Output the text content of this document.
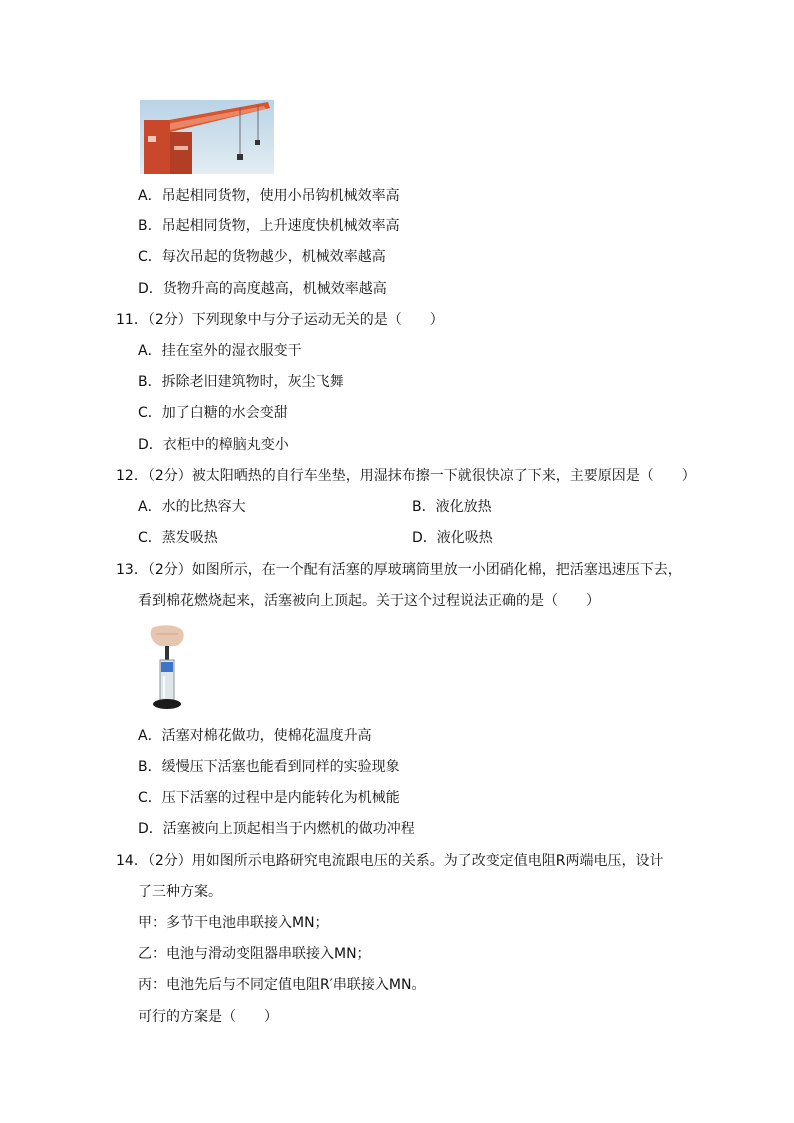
A．吊起相同货物，使用小吊钩机械效率高
B．吊起相同货物，上升速度快机械效率高
C．每次吊起的货物越少，机械效率越高
D．货物升高的高度越高，机械效率越高
11．（2分）下列现象中与分子运动无关的是（　　）
A．挂在室外的湿衣服变干
B．拆除老旧建筑物时，灰尘飞舞
C．加了白糖的水会变甜
D．衣柜中的樟脑丸变小
12．（2分）被太阳晒热的自行车坐垫，用湿抹布擦一下就很快凉了下来，主要原因是（　　）
A．水的比热容大	B．液化放热
C．蒸发吸热	D．液化吸热
13．（2分）如图所示，在一个配有活塞的厚玻璃筒里放一小团硝化棉，把活塞迅速压下去，
看到棉花燃烧起来，活塞被向上顶起。关于这个过程说法正确的是（　　）
A．活塞对棉花做功，使棉花温度升高
B．缓慢压下活塞也能看到同样的实验现象
C．压下活塞的过程中是内能转化为机械能
D．活塞被向上顶起相当于内燃机的做功冲程
14．（2分）用如图所示电路研究电流跟电压的关系。为了改变定值电阻R两端电压，设计
了三种方案。
甲：多节干电池串联接入MN；
乙：电池与滑动变阻器串联接入MN；
丙：电池先后与不同定值电阻R′串联接入MN。
可行的方案是（　　）
